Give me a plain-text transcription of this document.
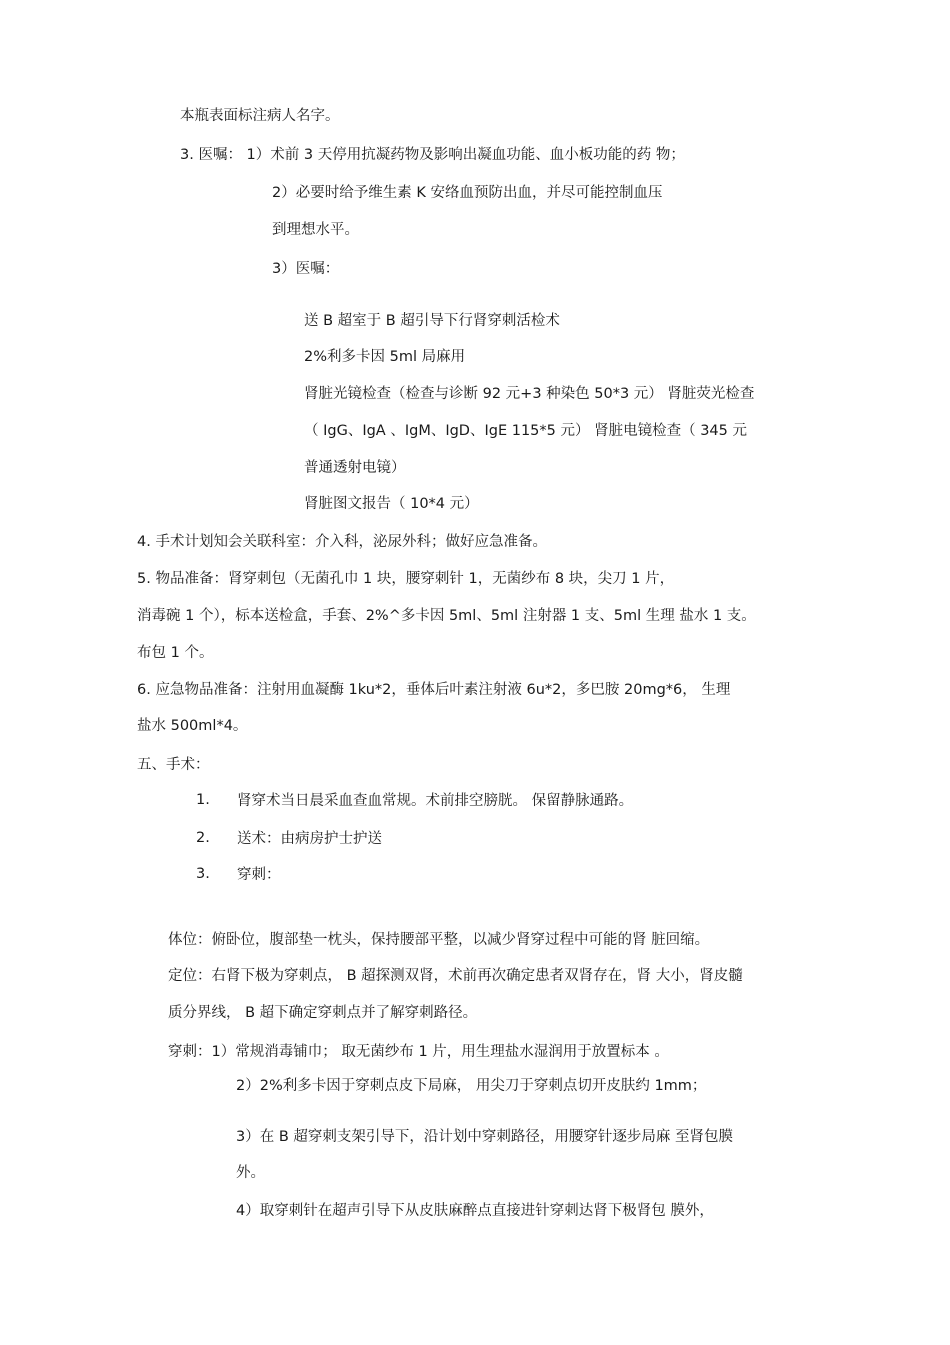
本瓶表面标注病人名字。
3. 医嘱： 1）术前 3 天停用抗凝药物及影响出凝血功能、血小板功能的药 物；
2）必要时给予维生素 K 安络血预防出血，并尽可能控制血压
到理想水平。
3）医嘱：
送 B 超室于 B 超引导下行肾穿刺活检术
2%利多卡因 5ml 局麻用
肾脏光镜检查（检查与诊断 92 元+3 种染色 50*3 元） 肾脏荧光检查
（ IgG、IgA 、IgM、IgD、IgE 115*5 元） 肾脏电镜检查（ 345 元
普通透射电镜）
肾脏图文报告（ 10*4 元）
4. 手术计划知会关联科室：介入科，泌尿外科；做好应急准备。
5. 物品准备：肾穿刺包（无菌孔巾 1 块，腰穿刺针 1，无菌纱布 8 块，尖刀 1 片，
消毒碗 1 个），标本送检盒，手套、2%^多卡因 5ml、5ml 注射器 1 支、5ml 生理 盐水 1 支。
布包 1 个。
6. 应急物品准备：注射用血凝酶 1ku*2，垂体后叶素注射液 6u*2，多巴胺 20mg*6， 生理
盐水 500ml*4。
五、手术：
1. 肾穿术当日晨采血查血常规。术前排空膀胱。 保留静脉通路。
2. 送术：由病房护士护送
3. 穿刺：
体位：俯卧位，腹部垫一枕头，保持腰部平整，以减少肾穿过程中可能的肾 脏回缩。
定位：右肾下极为穿刺点， B 超探测双肾，术前再次确定患者双肾存在，肾 大小，肾皮髓
质分界线， B 超下确定穿刺点并了解穿刺路径。
穿刺：1）常规消毒铺巾； 取无菌纱布 1 片，用生理盐水湿润用于放置标本 。
2）2%利多卡因于穿刺点皮下局麻， 用尖刀于穿刺点切开皮肤约 1mm；
3）在 B 超穿刺支架引导下，沿计划中穿刺路径，用腰穿针逐步局麻 至肾包膜
外。
4）取穿刺针在超声引导下从皮肤麻醉点直接进针穿刺达肾下极肾包 膜外，
